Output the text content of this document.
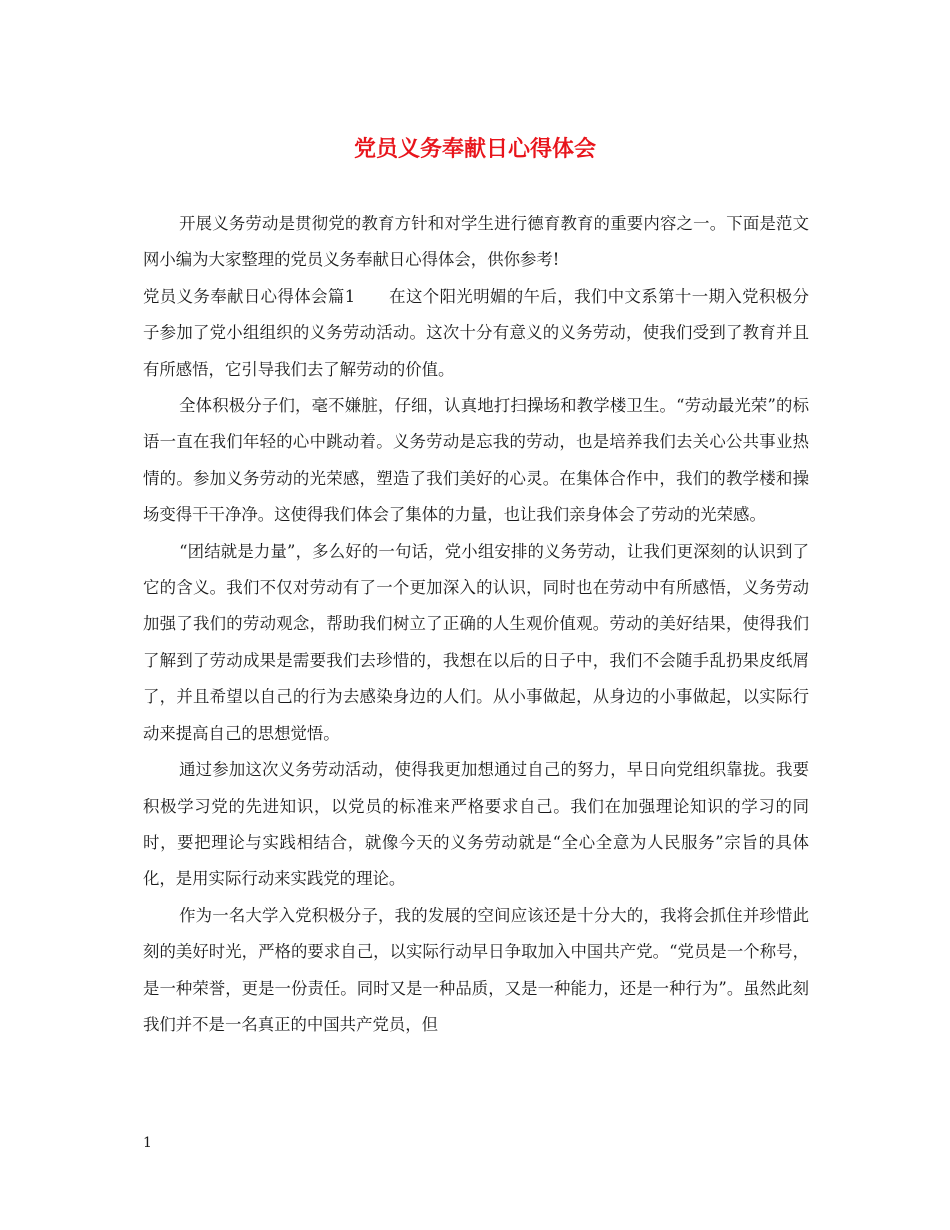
党员义务奉献日心得体会

开展义务劳动是贯彻党的教育方针和对学生进行德育教育的重要内容之一。下面是范文网小编为大家整理的党员义务奉献日心得体会，供你参考!

党员义务奉献日心得体会篇1　　在这个阳光明媚的午后，我们中文系第十一期入党积极分子参加了党小组组织的义务劳动活动。这次十分有意义的义务劳动，使我们受到了教育并且有所感悟，它引导我们去了解劳动的价值。

全体积极分子们，毫不嫌脏，仔细，认真地打扫操场和教学楼卫生。“劳动最光荣”的标语一直在我们年轻的心中跳动着。义务劳动是忘我的劳动，也是培养我们去关心公共事业热情的。参加义务劳动的光荣感，塑造了我们美好的心灵。在集体合作中，我们的教学楼和操场变得干干净净。这使得我们体会了集体的力量，也让我们亲身体会了劳动的光荣感。

“团结就是力量”，多么好的一句话，党小组安排的义务劳动，让我们更深刻的认识到了它的含义。我们不仅对劳动有了一个更加深入的认识，同时也在劳动中有所感悟，义务劳动加强了我们的劳动观念，帮助我们树立了正确的人生观价值观。劳动的美好结果，使得我们了解到了劳动成果是需要我们去珍惜的，我想在以后的日子中，我们不会随手乱扔果皮纸屑了，并且希望以自己的行为去感染身边的人们。从小事做起，从身边的小事做起，以实际行动来提高自己的思想觉悟。

通过参加这次义务劳动活动，使得我更加想通过自己的努力，早日向党组织靠拢。我要积极学习党的先进知识，以党员的标准来严格要求自己。我们在加强理论知识的学习的同时，要把理论与实践相结合，就像今天的义务劳动就是“全心全意为人民服务”宗旨的具体化，是用实际行动来实践党的理论。

作为一名大学入党积极分子，我的发展的空间应该还是十分大的，我将会抓住并珍惜此刻的美好时光，严格的要求自己，以实际行动早日争取加入中国共产党。“党员是一个称号，是一种荣誉，更是一份责任。同时又是一种品质，又是一种能力，还是一种行为”。虽然此刻我们并不是一名真正的中国共产党员，但

1
